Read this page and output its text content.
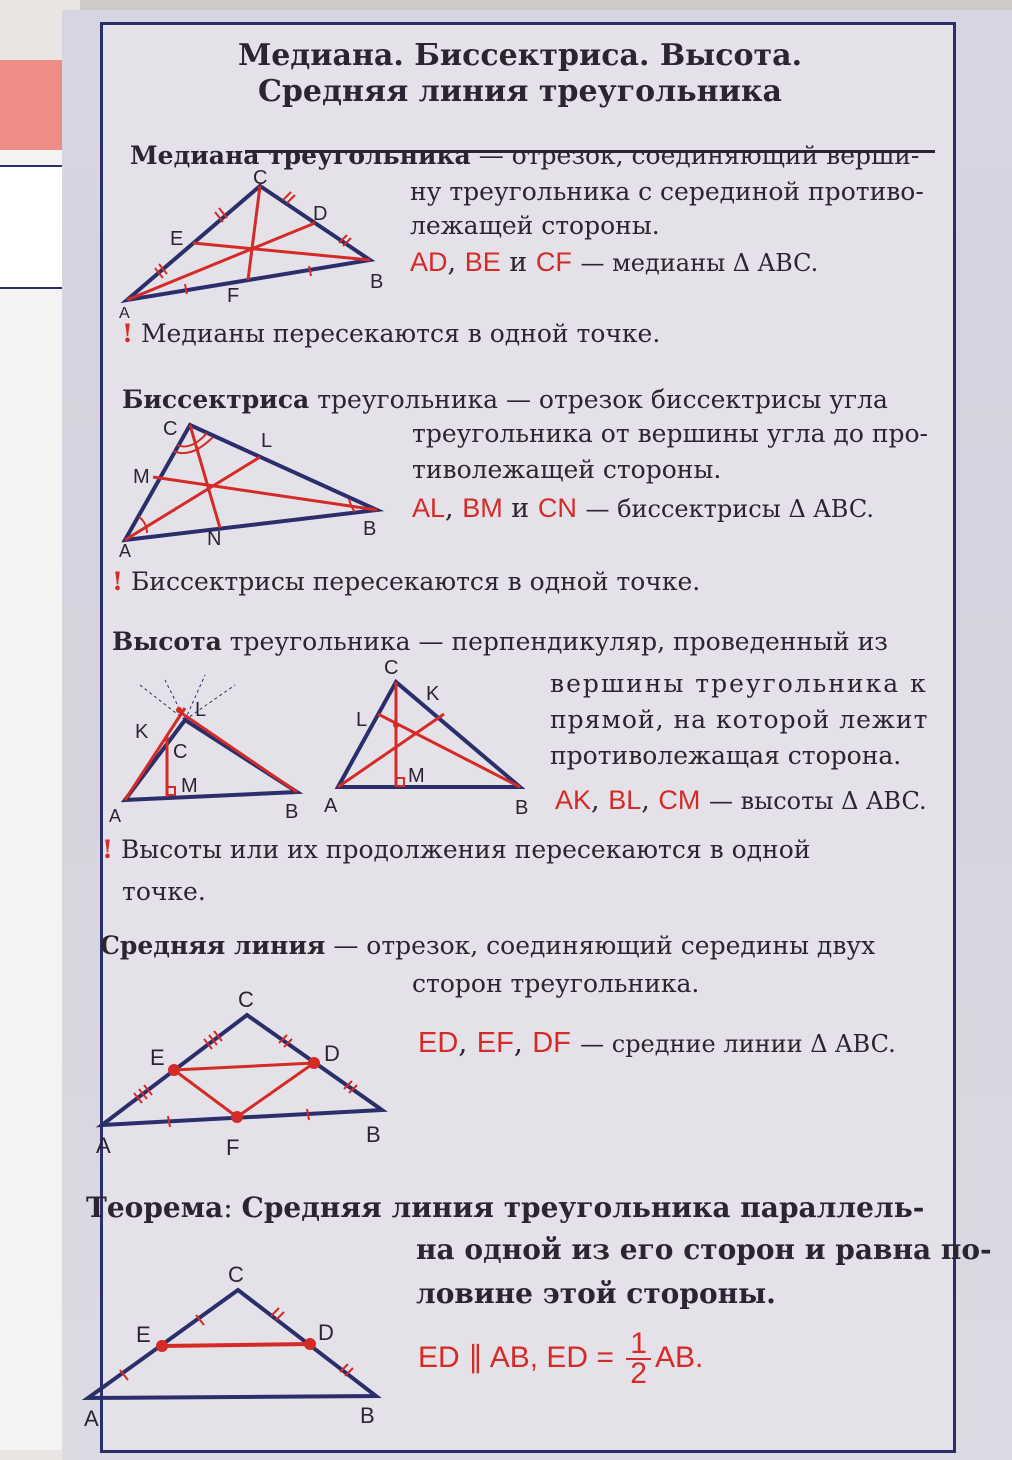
Медиана. Биссектриса. Высота.
Средняя линия треугольника
Медиана треугольника — отрезок, соединяющий верши-
ну треугольника с серединой противо-
лежащей стороны.
AD, BE и CF — медианы Δ ABC.
! Медианы пересекаются в одной точке.
C
D
E
F
A
B
Биссектриса треугольника — отрезок биссектрисы угла
треугольника от вершины угла до про-
тиволежащей стороны.
AL, BM и CN — биссектрисы Δ ABC.
! Биссектрисы пересекаются в одной точке.
C
L
M
N
A
B
Высота треугольника — перпендикуляр, проведенный из
вершины треугольника к
прямой, на которой лежит
противолежащая сторона.
AK, BL, CM — высоты Δ ABC.
! Высоты или их продолжения пересекаются в одной
точке.
L
K
C
M
A	B
C
K
L
M
A	B
Средняя линия — отрезок, соединяющий середины двух
сторон треугольника.
ED, EF, DF — средние линии Δ ABC.
C
D
E
F
A	B
Теорема: Средняя линия треугольника параллель-
на одной из его сторон и равна по-
ловине этой стороны.
ED ∥ AB, ED = $\frac{1}{2}$ AB.
C
D
E
A	B
